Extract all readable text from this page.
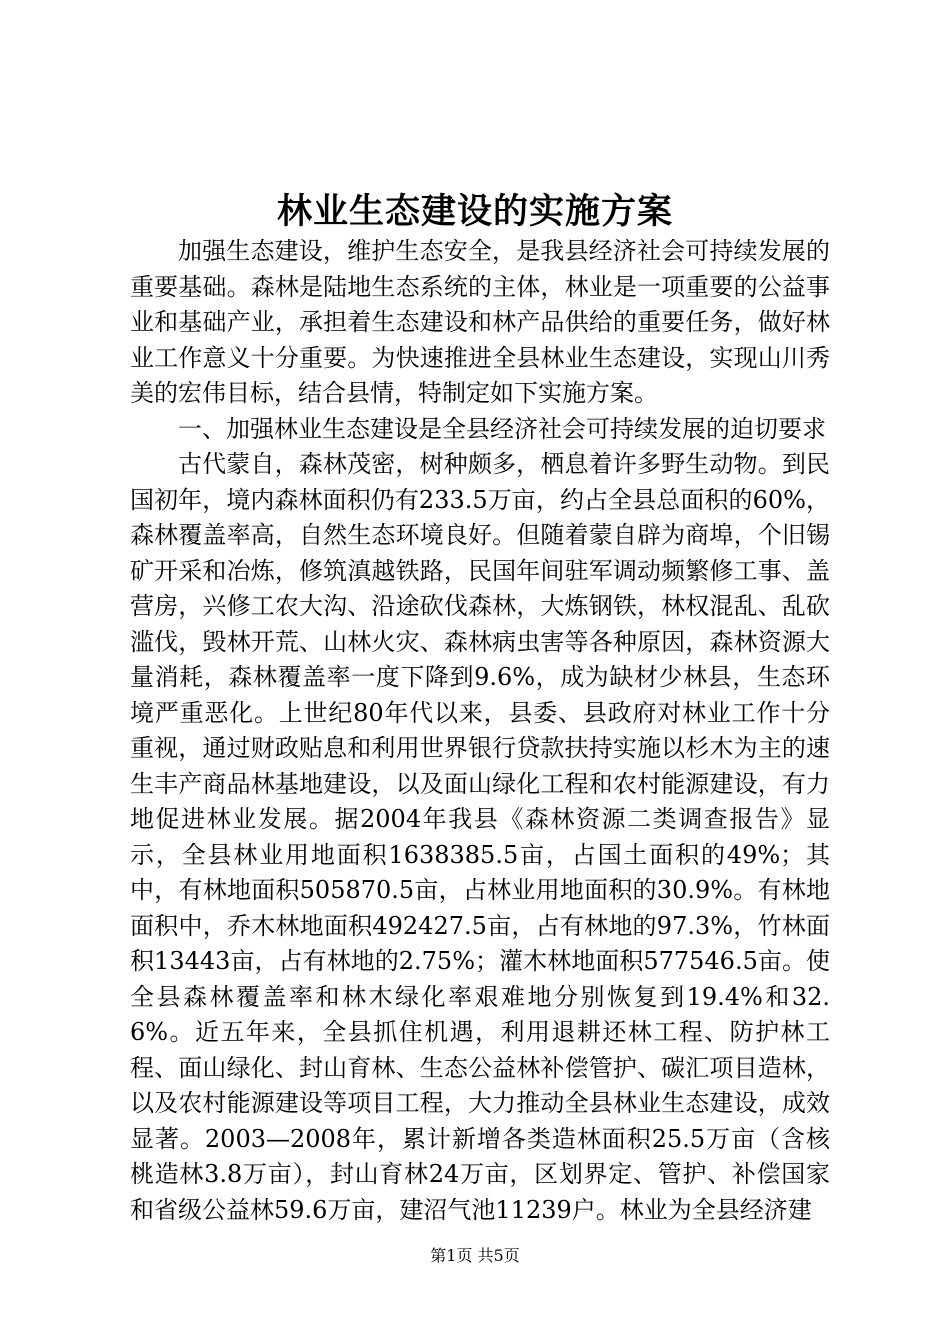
林业生态建设的实施方案

加强生态建设，维护生态安全，是我县经济社会可持续发展的重要基础。森林是陆地生态系统的主体，林业是一项重要的公益事业和基础产业，承担着生态建设和林产品供给的重要任务，做好林业工作意义十分重要。为快速推进全县林业生态建设，实现山川秀美的宏伟目标，结合县情，特制定如下实施方案。

一、加强林业生态建设是全县经济社会可持续发展的迫切要求

古代蒙自，森林茂密，树种颇多，栖息着许多野生动物。到民国初年，境内森林面积仍有233.5万亩，约占全县总面积的60%，森林覆盖率高，自然生态环境良好。但随着蒙自辟为商埠，个旧锡矿开采和冶炼，修筑滇越铁路，民国年间驻军调动频繁修工事、盖营房，兴修工农大沟、沿途砍伐森林，大炼钢铁，林权混乱、乱砍滥伐，毁林开荒、山林火灾、森林病虫害等各种原因，森林资源大量消耗，森林覆盖率一度下降到9.6%，成为缺材少林县，生态环境严重恶化。上世纪80年代以来，县委、县政府对林业工作十分重视，通过财政贴息和利用世界银行贷款扶持实施以杉木为主的速生丰产商品林基地建设，以及面山绿化工程和农村能源建设，有力地促进林业发展。据2004年我县《森林资源二类调查报告》显示，全县林业用地面积1638385.5亩，占国土面积的49%；其中，有林地面积505870.5亩，占林业用地面积的30.9%。有林地面积中，乔木林地面积492427.5亩，占有林地的97.3%，竹林面积13443亩，占有林地的2.75%；灌木林地面积577546.5亩。使全县森林覆盖率和林木绿化率艰难地分别恢复到19.4%和32.6%。近五年来，全县抓住机遇，利用退耕还林工程、防护林工程、面山绿化、封山育林、生态公益林补偿管护、碳汇项目造林，以及农村能源建设等项目工程，大力推动全县林业生态建设，成效显著。2003—2008年，累计新增各类造林面积25.5万亩（含核桃造林3.8万亩），封山育林24万亩，区划界定、管护、补偿国家和省级公益林59.6万亩，建沼气池11239户。林业为全县经济建

第1页 共5页
